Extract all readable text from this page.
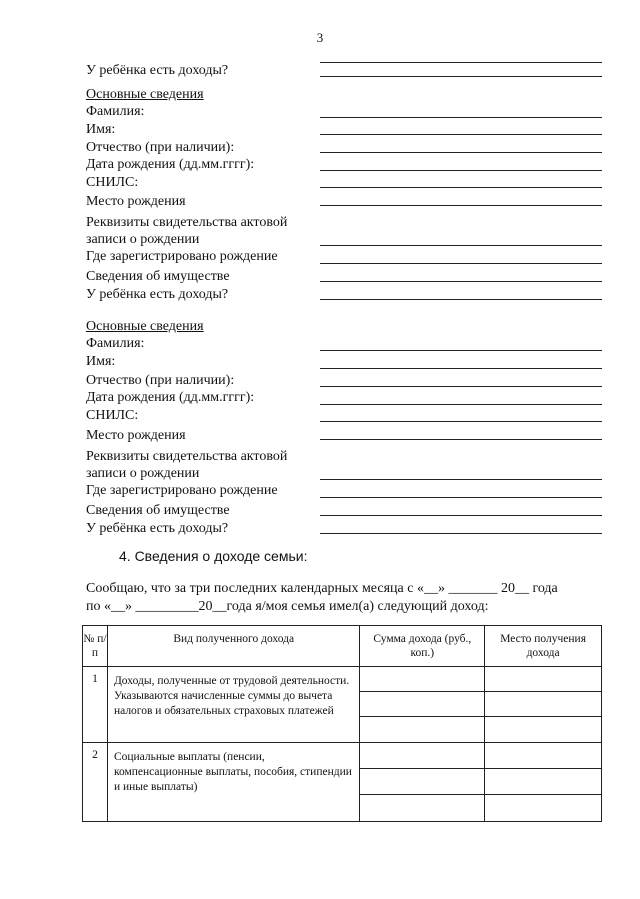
3
У ребёнка есть доходы?
Основные сведения
Фамилия:
Имя:
Отчество (при наличии):
Дата рождения (дд.мм.гггг):
СНИЛС:
Место рождения
Реквизиты свидетельства актовой
записи о рождении
Где зарегистрировано рождение
Сведения об имуществе
У ребёнка есть доходы?
Основные сведения
Фамилия:
Имя:
Отчество (при наличии):
Дата рождения (дд.мм.гггг):
СНИЛС:
Место рождения
Реквизиты свидетельства актовой
записи о рождении
Где зарегистрировано рождение
Сведения об имуществе
У ребёнка есть доходы?
4. Сведения о доходе семьи:
Сообщаю, что за три последних календарных месяца с «__» _______ 20__ года
по «__» _________20__года я/моя семья имел(а) следующий доход:
№ п/п	Вид полученного дохода	Сумма дохода (руб., коп.)	Место получения дохода
1	Доходы, полученные от трудовой деятельности. Указываются начисленные суммы до вычета налогов и обязательных страховых платежей	

2	Социальные выплаты (пенсии, компенсационные выплаты, пособия, стипендии и иные выплаты)	
